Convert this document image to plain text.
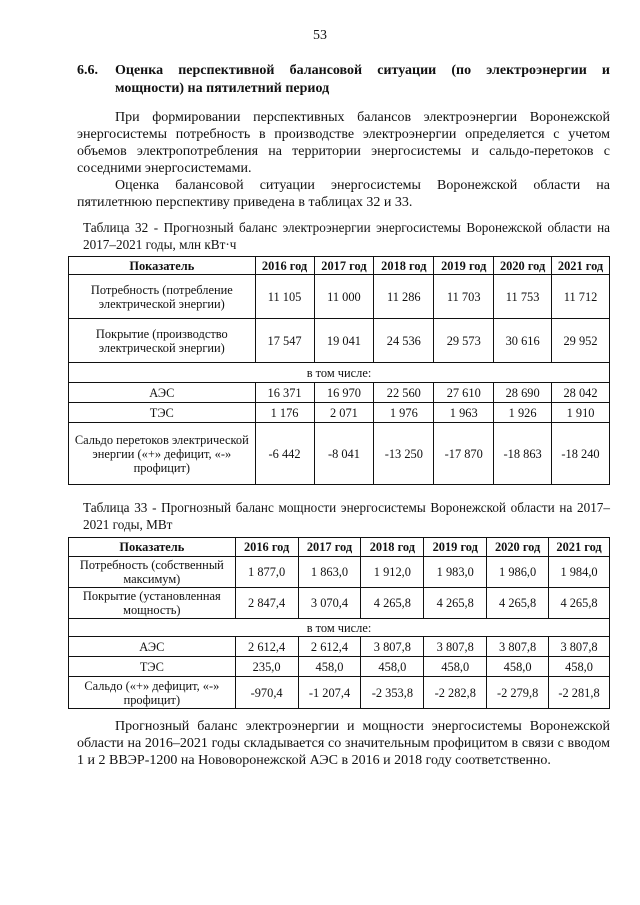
53
6.6. Оценка перспективной балансовой ситуации (по электроэнергии и мощности) на пятилетний период
При формировании перспективных балансов электроэнергии Воронежской энергосистемы потребность в производстве электроэнергии определяется с учетом объемов электропотребления на территории энергосистемы и сальдо-перетоков с соседними энергосистемами.
Оценка балансовой ситуации энергосистемы Воронежской области на пятилетнюю перспективу приведена в таблицах 32 и 33.
Таблица 32 - Прогнозный баланс электроэнергии энергосистемы Воронежской области на 2017–2021 годы, млн кВт·ч
Показатель	2016 год	2017 год	2018 год	2019 год	2020 год	2021 год
Потребность (потребление электрической энергии)	11 105	11 000	11 286	11 703	11 753	11 712
Покрытие (производство электрической энергии)	17 547	19 041	24 536	29 573	30 616	29 952
в том числе:						
АЭС	16 371	16 970	22 560	27 610	28 690	28 042
ТЭС	1 176	2 071	1 976	1 963	1 926	1 910
Сальдо перетоков электрической энергии («+» дефицит, «-» профицит)	-6 442	-8 041	-13 250	-17 870	-18 863	-18 240
Таблица 33 - Прогнозный баланс мощности энергосистемы Воронежской области на 2017–2021 годы, МВт
Показатель	2016 год	2017 год	2018 год	2019 год	2020 год	2021 год
Потребность (собственный максимум)	1 877,0	1 863,0	1 912,0	1 983,0	1 986,0	1 984,0
Покрытие (установленная мощность)	2 847,4	3 070,4	4 265,8	4 265,8	4 265,8	4 265,8
в том числе:						
АЭС	2 612,4	2 612,4	3 807,8	3 807,8	3 807,8	3 807,8
ТЭС	235,0	458,0	458,0	458,0	458,0	458,0
Сальдо («+» дефицит, «-» профицит)	-970,4	-1 207,4	-2 353,8	-2 282,8	-2 279,8	-2 281,8
Прогнозный баланс электроэнергии и мощности энергосистемы Воронежской области на 2016–2021 годы складывается со значительным профицитом в связи с вводом 1 и 2 ВВЭР-1200 на Нововоронежской АЭС в 2016 и 2018 году соответственно.
